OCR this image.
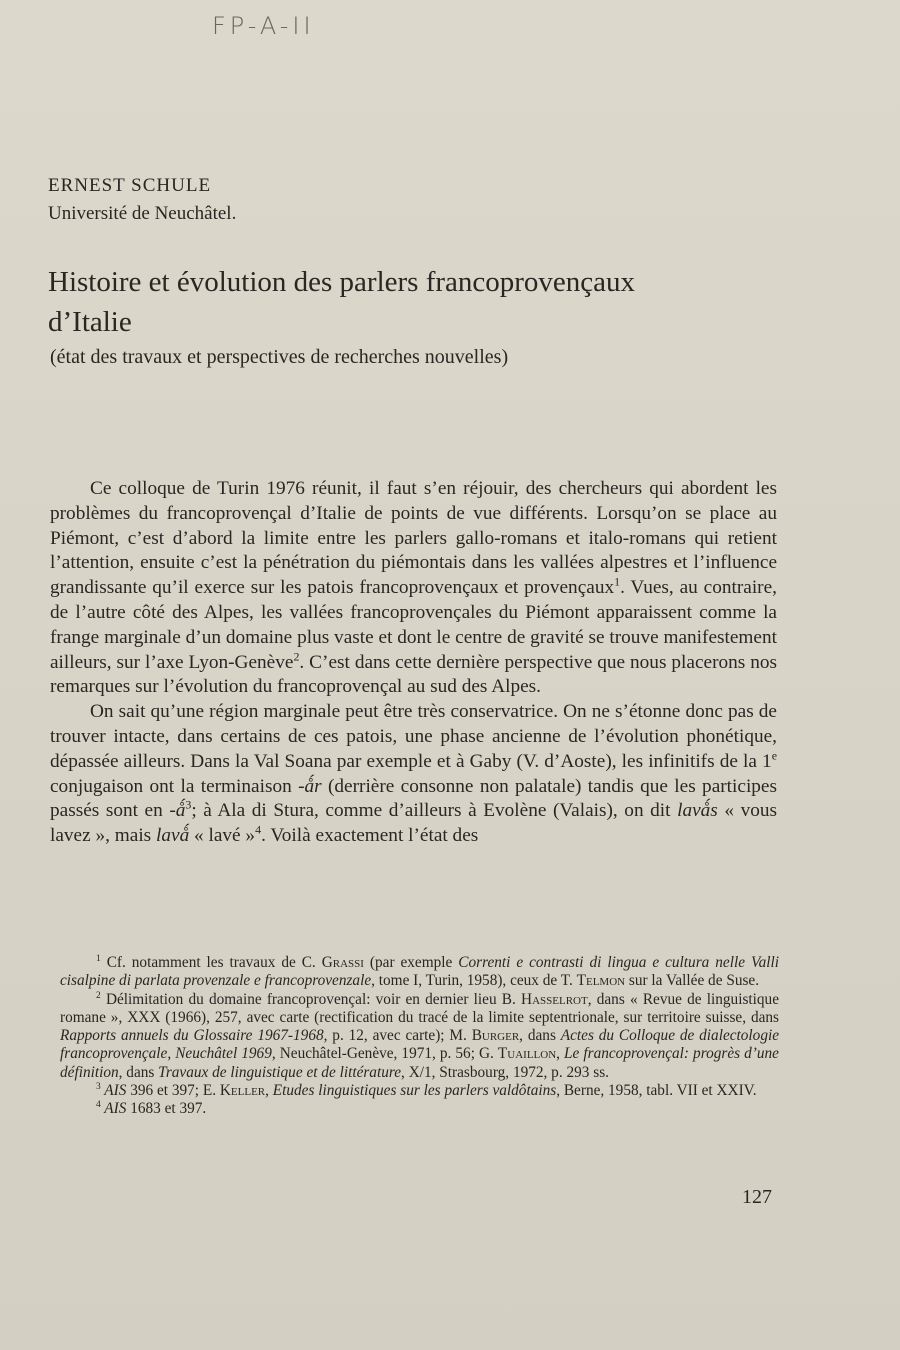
FP-A-II
ERNEST SCHULE
Université de Neuchâtel.
Histoire et évolution des parlers francoprovençaux d’Italie
(état des travaux et perspectives de recherches nouvelles)

Ce colloque de Turin 1976 réunit, il faut s’en réjouir, des chercheurs qui abordent les problèmes du francoprovençal d’Italie de points de vue différents. Lorsqu’on se place au Piémont, c’est d’abord la limite entre les parlers gallo-romans et italo-romans qui retient l’attention, ensuite c’est la pénétration du piémontais dans les vallées alpestres et l’influence grandissante qu’il exerce sur les patois francoprovençaux et provençaux$^1$. Vues, au contraire, de l’autre côté des Alpes, les vallées francoprovençales du Piémont apparaissent comme la frange marginale d’un domaine plus vaste et dont le centre de gravité se trouve manifestement ailleurs, sur l’axe Lyon-Genève$^2$. C’est dans cette dernière perspective que nous placerons nos remarques sur l’évolution du francoprovençal au sud des Alpes.

On sait qu’une région marginale peut être très conservatrice. On ne s’étonne donc pas de trouver intacte, dans certains de ces patois, une phase ancienne de l’évolution phonétique, dépassée ailleurs. Dans la Val Soana par exemple et à Gaby (V. d’Aoste), les infinitifs de la 1e conjugaison ont la terminaison -ǻr (derrière consonne non palatale) tandis que les participes passés sont en $-ǻ^3$; à Ala di Stura, comme d’ailleurs à Evolène (Valais), on dit lavǻs « vous lavez », mais lavǻ « lavé »$^4$. Voilà exactement l’état des

$^1$ Cf. notamment les travaux de C. Grassi (par exemple Correnti e contrasti di lingua e cultura nelle Valli cisalpine di parlata provenzale e francoprovenzale, tome I, Turin, 1958), ceux de T. Telmon sur la Vallée de Suse.

$^2$ Délimitation du domaine francoprovençal: voir en dernier lieu B. Hasselrot, dans « Revue de linguistique romane », XXX (1966), 257, avec carte (rectification du tracé de la limite septentrionale, sur territoire suisse, dans Rapports annuels du Glossaire 1967-1968, p. 12, avec carte); M. Burger, dans Actes du Colloque de dialectologie francoprovençale, Neuchâtel 1969, Neuchâtel-Genève, 1971, p. 56; G. Tuaillon, Le francoprovençal: progrès d’une définition, dans Travaux de linguistique et de littérature, X/1, Strasbourg, 1972, p. 293 ss.

$^3$ AIS 396 et 397; E. Keller, Etudes linguistiques sur les parlers valdôtains, Berne, 1958, tabl. VII et XXIV.

$^4$ AIS 1683 et 397.

127
